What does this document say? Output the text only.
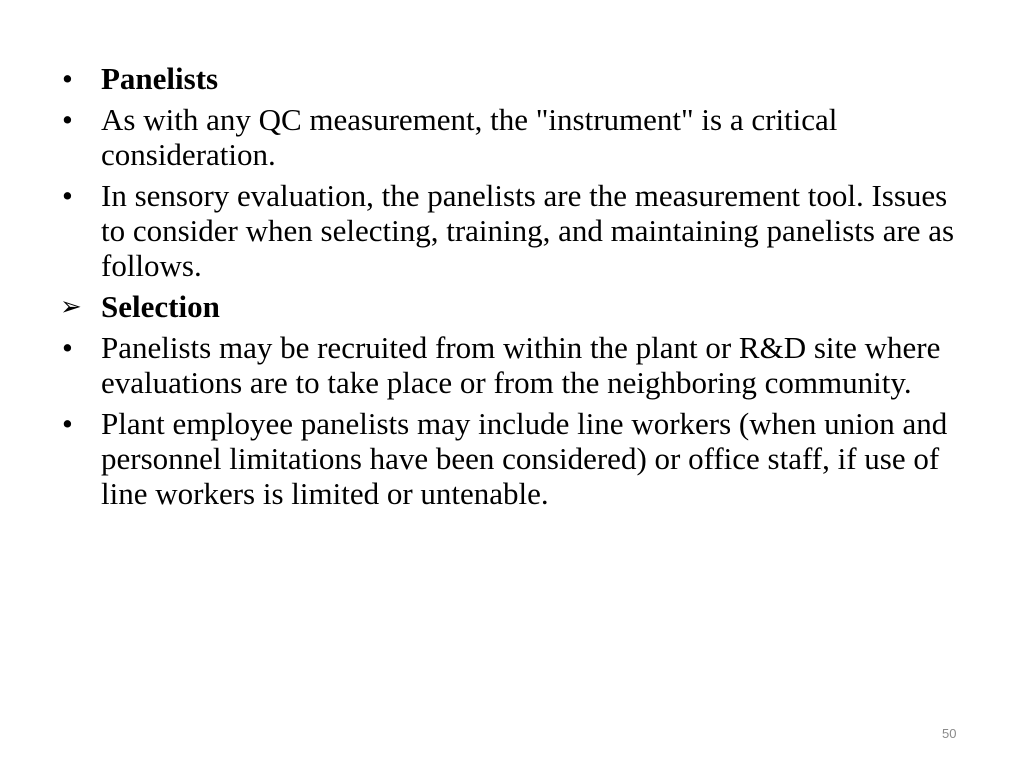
• Panelists
• As with any QC measurement, the "instrument" is a critical consideration.
• In sensory evaluation, the panelists are the measurement tool. Issues to consider when selecting, training, and maintaining panelists are as follows.
➢ Selection
• Panelists may be recruited from within the plant or R&D site where evaluations are to take place or from the neighboring community.
• Plant employee panelists may include line workers (when union and personnel limitations have been considered) or office staff, if use of line workers is limited or untenable.
50
